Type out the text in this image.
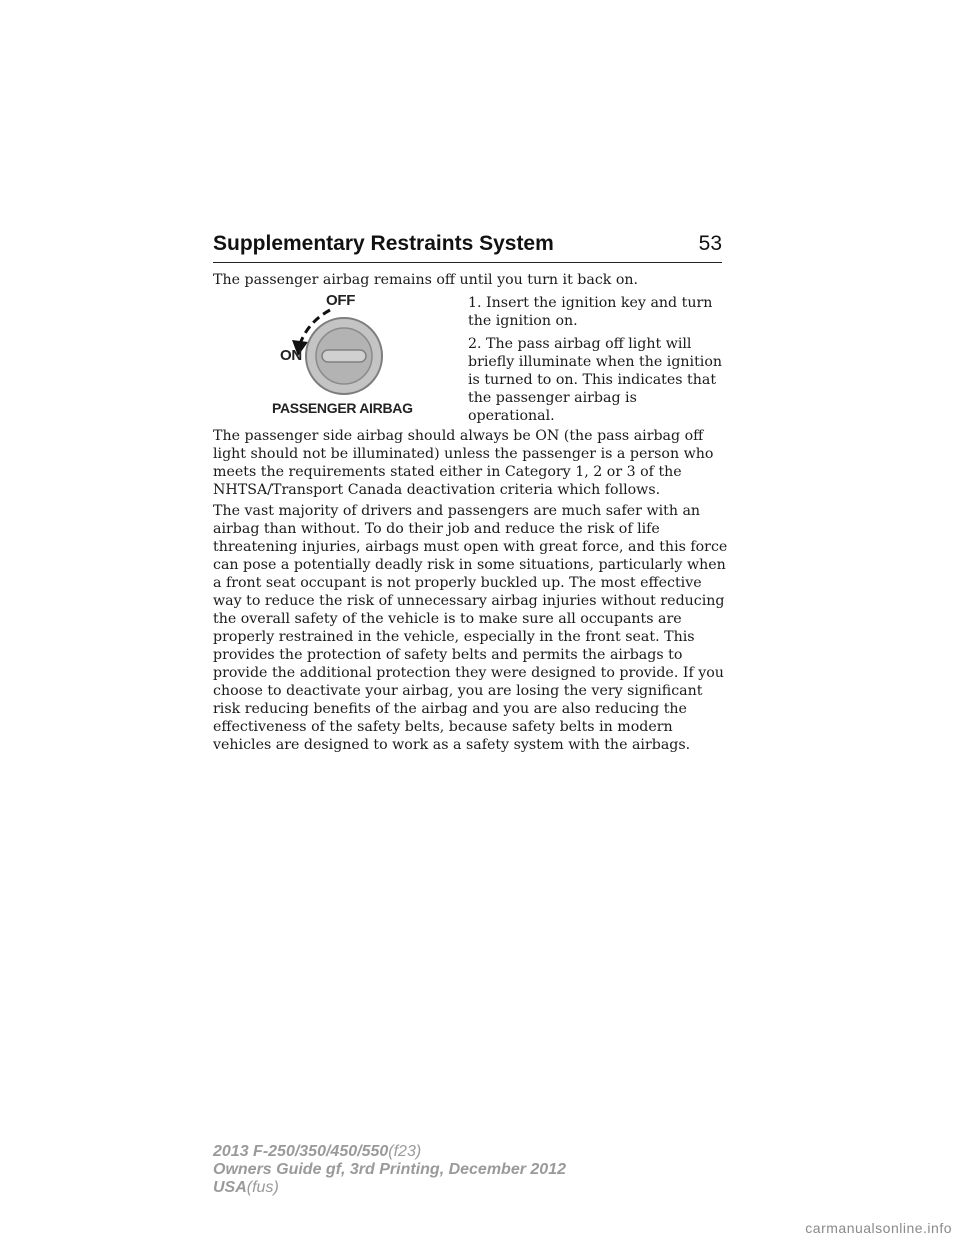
Supplementary Restraints System	53

The passenger airbag remains off until you turn it back on.

OFF
ON
PASSENGER AIRBAG

1. Insert the ignition key and turn the ignition on.

2. The pass airbag off light will briefly illuminate when the ignition is turned to on. This indicates that the passenger airbag is operational.

The passenger side airbag should always be ON (the pass airbag off light should not be illuminated) unless the passenger is a person who meets the requirements stated either in Category 1, 2 or 3 of the NHTSA/Transport Canada deactivation criteria which follows.

The vast majority of drivers and passengers are much safer with an airbag than without. To do their job and reduce the risk of life threatening injuries, airbags must open with great force, and this force can pose a potentially deadly risk in some situations, particularly when a front seat occupant is not properly buckled up. The most effective way to reduce the risk of unnecessary airbag injuries without reducing the overall safety of the vehicle is to make sure all occupants are properly restrained in the vehicle, especially in the front seat. This provides the protection of safety belts and permits the airbags to provide the additional protection they were designed to provide. If you choose to deactivate your airbag, you are losing the very significant risk reducing benefits of the airbag and you are also reducing the effectiveness of the safety belts, because safety belts in modern vehicles are designed to work as a safety system with the airbags.

2013 F-250/350/450/550(f23)
Owners Guide gf, 3rd Printing, December 2012
USA(fus)
carmanualsonline.info
